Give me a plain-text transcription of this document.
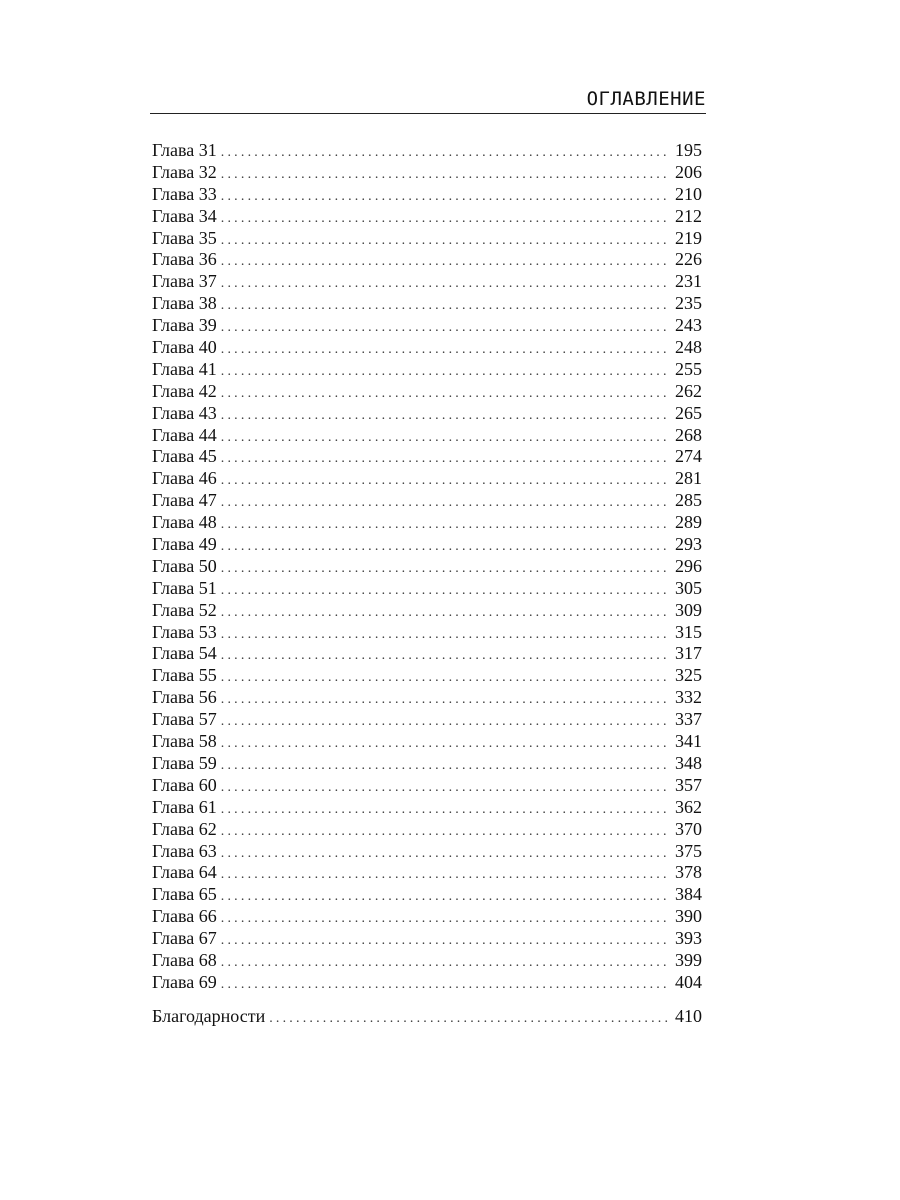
ОГЛАВЛЕНИЕ
Глава 31 .....	195
Глава 32 .....	206
Глава 33 .....	210
Глава 34 .....	212
Глава 35 .....	219
Глава 36 .....	226
Глава 37 .....	231
Глава 38 .....	235
Глава 39 .....	243
Глава 40 .....	248
Глава 41 .....	255
Глава 42 .....	262
Глава 43 .....	265
Глава 44 .....	268
Глава 45 .....	274
Глава 46 .....	281
Глава 47 .....	285
Глава 48 .....	289
Глава 49 .....	293
Глава 50 .....	296
Глава 51 .....	305
Глава 52 .....	309
Глава 53 .....	315
Глава 54 .....	317
Глава 55 .....	325
Глава 56 .....	332
Глава 57 .....	337
Глава 58 .....	341
Глава 59 .....	348
Глава 60 .....	357
Глава 61 .....	362
Глава 62 .....	370
Глава 63 .....	375
Глава 64 .....	378
Глава 65 .....	384
Глава 66 .....	390
Глава 67 .....	393
Глава 68 .....	399
Глава 69 .....	404
Благодарности .....	410
